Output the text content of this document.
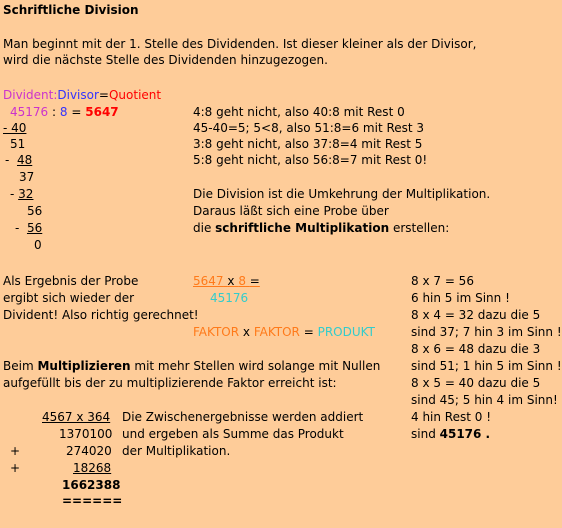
Schriftliche Division
Man beginnt mit der 1. Stelle des Dividenden. Ist dieser kleiner als der Divisor,
wird die nächste Stelle des Dividenden hinzugezogen.
Divident:Divisor=Quotient
45176 : 8 = 5647
- 40
51
-  48
37
- 32
56
-  56
0
4:8 geht nicht, also 40:8 mit Rest 0
45-40=5; 5<8, also 51:8=6 mit Rest 3
3:8 geht nicht, also 37:8=4 mit Rest 5
5:8 geht nicht, also 56:8=7 mit Rest 0!
Die Division ist die Umkehrung der Multiplikation.
Daraus läßt sich eine Probe über
die schriftliche Multiplikation erstellen:
Als Ergebnis der Probe
ergibt sich wieder der
Divident! Also richtig gerechnet!
5647 x 8 =
45176
FAKTOR x FAKTOR = PRODUKT
8 x 7 = 56
6 hin 5 im Sinn !
8 x 4 = 32 dazu die 5
sind 37; 7 hin 3 im Sinn !
8 x 6 = 48 dazu die 3
sind 51; 1 hin 5 im Sinn !
8 x 5 = 40 dazu die 5
sind 45; 5 hin 4 im Sinn!
4 hin Rest 0 !
sind 45176 .
Beim Multiplizieren mit mehr Stellen wird solange mit Nullen
aufgefüllt bis der zu multiplizierende Faktor erreicht ist:
4567 x 364
1370100
+	274020
+	18268
1662388
======
Die Zwischenergebnisse werden addiert
und ergeben als Summe das Produkt
der Multiplikation.
